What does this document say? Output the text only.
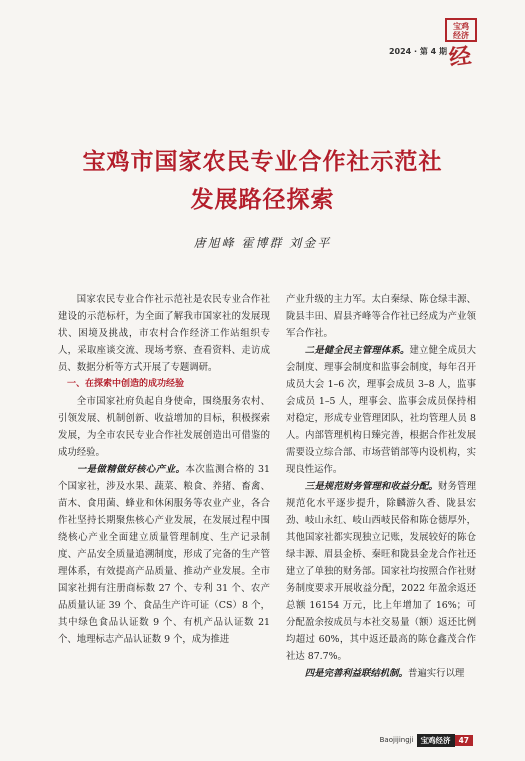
2024 · 第 4 期
宝鸡
经济
经
宝鸡市国家农民专业合作社示范社
发展路径探索
唐旭峰 霍博群 刘金平

国家农民专业合作社示范社是农民专业合作社建设的示范标杆，为全面了解我市国家社的发展现状、困境及挑战，市农村合作经济工作站组织专人，采取座谈交流、现场考察、查看资料、走访成员、数据分析等方式开展了专题调研。

一、在探索中创造的成功经验

全市国家社府负起自身使命，围绕服务农村、引领发展、机制创新、收益增加的目标，积极探索发展，为全市农民专业合作社发展创造出可借鉴的成功经验。

一是做精做好核心产业。本次监测合格的 31 个国家社，涉及水果、蔬菜、粮食、养猪、畜禽、苗木、食用菌、蜂业和休闲服务等农业产业，各合作社坚持长期聚焦核心产业发展，在发展过程中围绕核心产业全面建立质量管理制度、生产记录制度、产品安全质量追溯制度，形成了完备的生产管理体系，有效提高产品质量、推动产业发展。全市国家社拥有注册商标数 27 个、专利 31 个、农产品质量认证 39 个、食品生产许可证（CS）8 个，其中绿色食品认证数 9 个、有机产品认证数 21 个、地理标志产品认证数 9 个，成为推进

产业升级的主力军。太白秦绿、陈仓绿丰源、陇县丰田、眉县齐峰等合作社已经成为产业领军合作社。

二是健全民主管理体系。建立健全成员大会制度、理事会制度和监事会制度，每年召开成员大会 1–6 次，理事会成员 3–8 人，监事会成员 1–5 人，理事会、监事会成员保持相对稳定，形成专业管理团队，社均管理人员 8 人。内部管理机构日臻完善，根据合作社发展需要设立综合部、市场营销部等内设机构，实现良性运作。

三是规范财务管理和收益分配。财务管理规范化水平逐步提升，除麟游久香、陇县宏劲、岐山永红、岐山西岐民俗和陈仓德厚外，其他国家社都实现独立记账，发展较好的陈仓绿丰源、眉县金桥、秦旺和陇县金龙合作社还建立了单独的财务部。国家社均按照合作社财务制度要求开展收益分配，2022 年盈余返还总额 16154 万元，比上年增加了 16%；可分配盈余按成员与本社交易量（额）返还比例均超过 60%，其中返还最高的陈仓鑫茂合作社达 87.7%。

四是完善利益联结机制。普遍实行以理

Baojijingji 宝鸡经济	47
